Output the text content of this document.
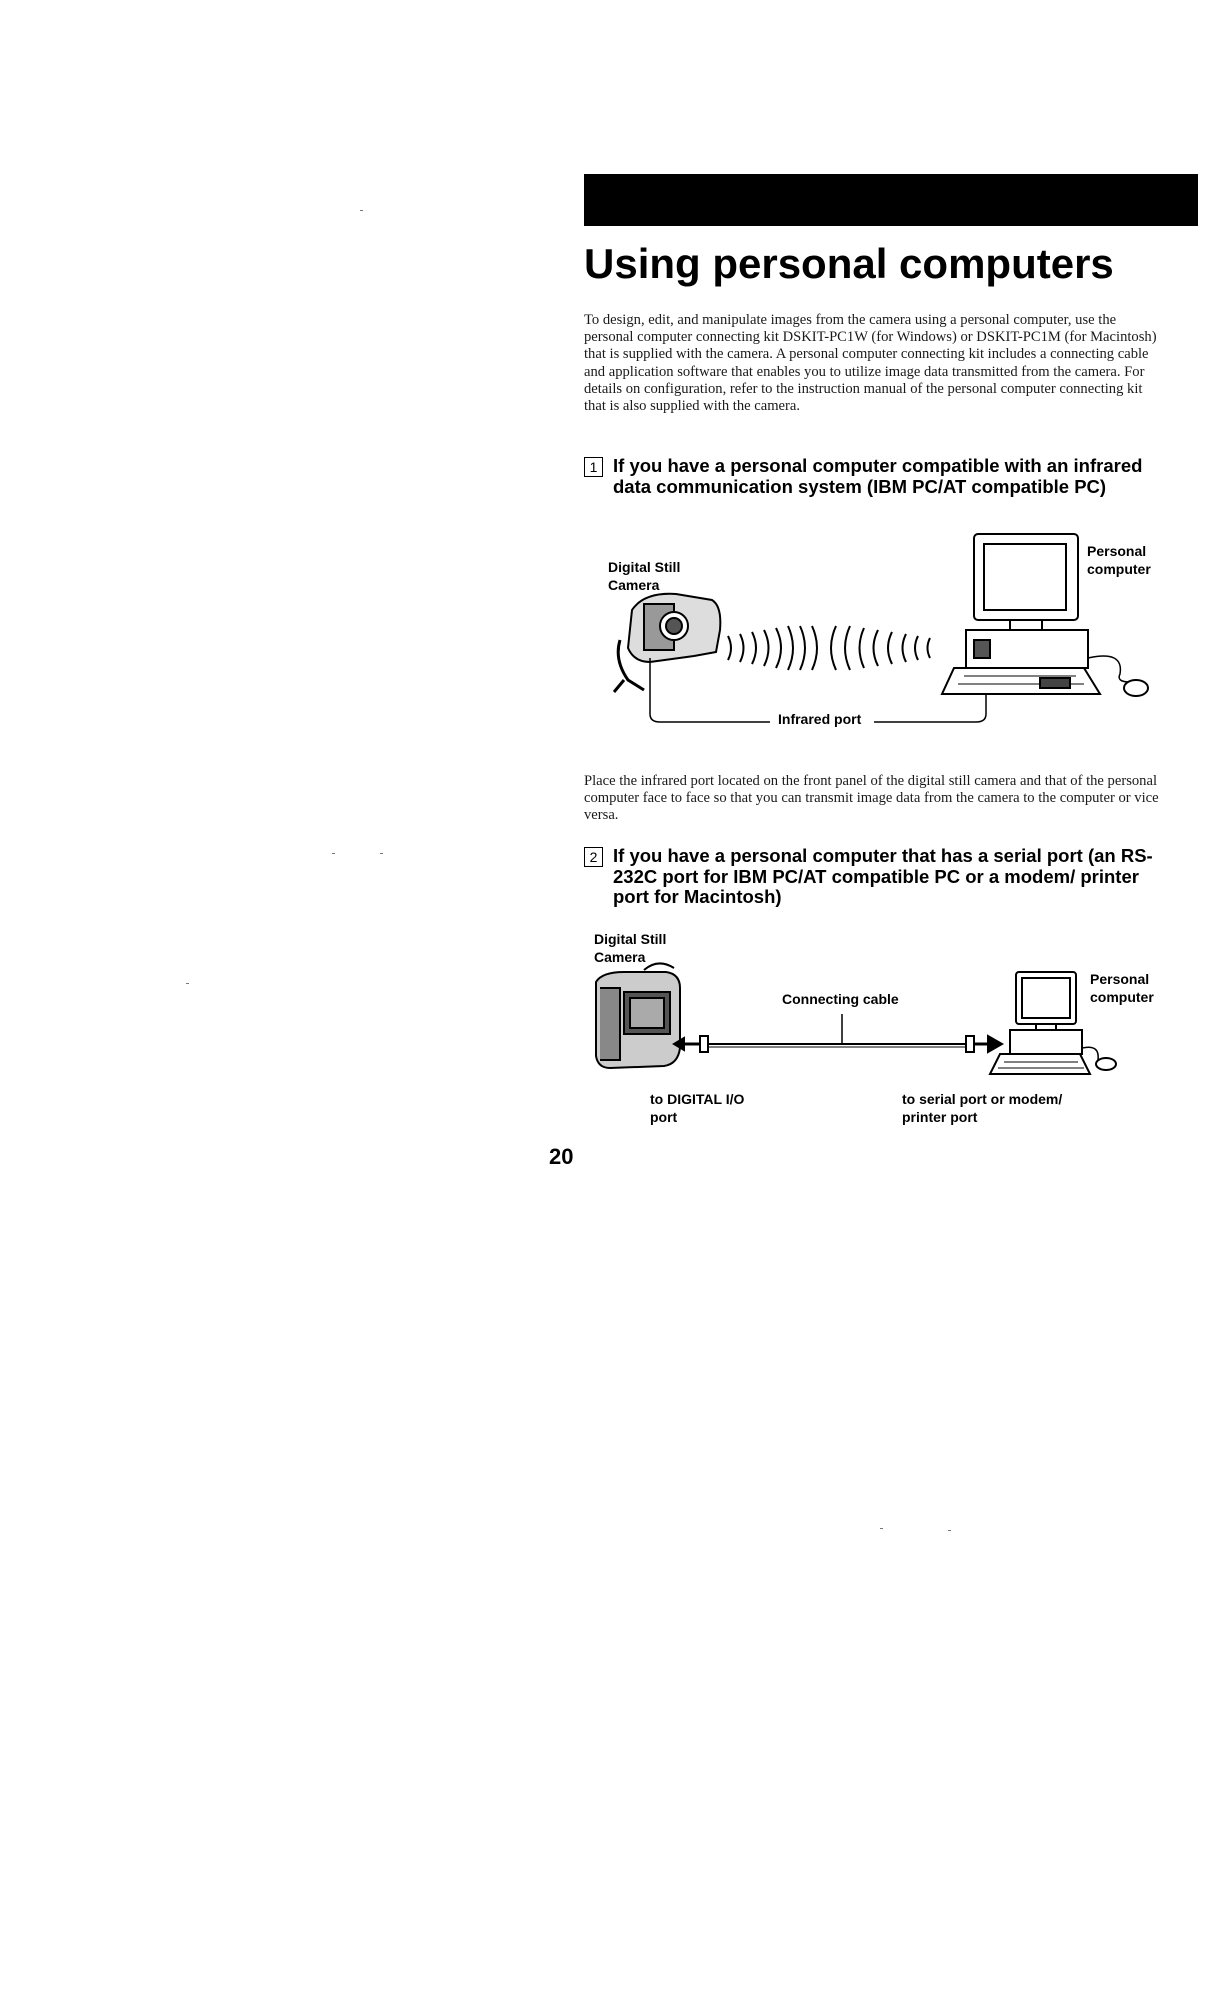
Using personal computers

To design, edit, and manipulate images from the camera using a personal computer, use the personal computer connecting kit DSKIT-PC1W (for Windows) or DSKIT-PC1M (for Macintosh) that is supplied with the camera. A personal computer connecting kit includes a connecting cable and application software that enables you to utilize image data transmitted from the camera. For details on configuration, refer to the instruction manual of the personal computer connecting kit that is also supplied with the camera.

1 If you have a personal computer compatible with an infrared data communication system (IBM PC/AT compatible PC)
Digital Still Camera
Personal computer
Infrared port

Place the infrared port located on the front panel of the digital still camera and that of the personal computer face to face so that you can transmit image data from the camera to the computer or vice versa.

2 If you have a personal computer that has a serial port (an RS-232C port for IBM PC/AT compatible PC or a modem/ printer port for Macintosh)
Digital Still Camera
Personal computer
Connecting cable
to DIGITAL I/O port
to serial port or modem/ printer port
20
